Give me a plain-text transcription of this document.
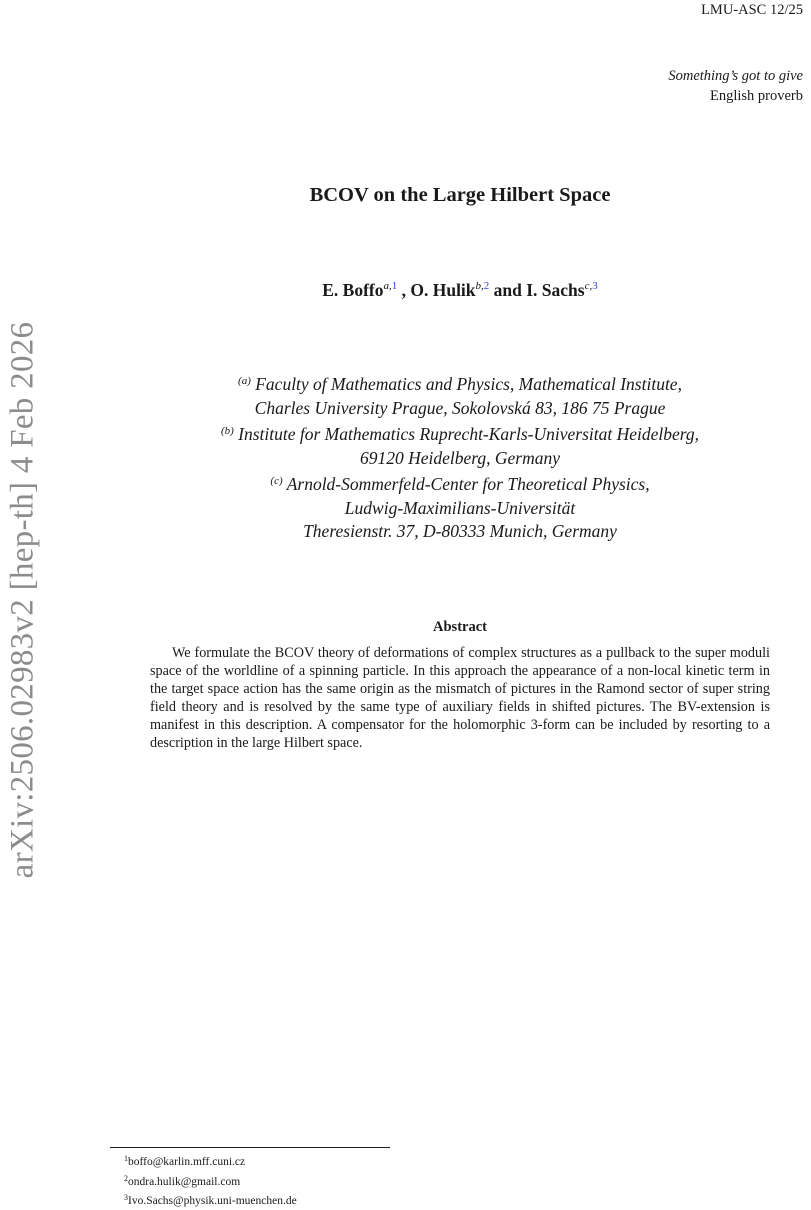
arXiv:2506.02983v2 [hep-th] 4 Feb 2026
LMU-ASC 12/25
Something’s got to give
English proverb
BCOV on the Large Hilbert Space
E. Boffo$^{a,1}$ , O. Hulik$^{b,2}$ and I. Sachs$^{c,3}$
$^{(a)}$ Faculty of Mathematics and Physics, Mathematical Institute,
Charles University Prague, Sokolovská 83, 186 75 Prague
$^{(b)}$ Institute for Mathematics Ruprecht-Karls-Universitat Heidelberg,
69120 Heidelberg, Germany
$^{(c)}$ Arnold-Sommerfeld-Center for Theoretical Physics,
Ludwig-Maximilians-Universität
Theresienstr. 37, D-80333 Munich, Germany
Abstract

We formulate the BCOV theory of deformations of complex structures as a pullback to the super moduli space of the worldline of a spinning particle. In this approach the appearance of a non-local kinetic term in the target space action has the same origin as the mismatch of pictures in the Ramond sector of super string field theory and is resolved by the same type of auxiliary fields in shifted pictures. The BV-extension is manifest in this description. A compensator for the holomorphic 3-form can be included by resorting to a description in the large Hilbert space.

$^1$boffo@karlin.mff.cuni.cz
$^2$ondra.hulik@gmail.com
$^3$Ivo.Sachs@physik.uni-muenchen.de
